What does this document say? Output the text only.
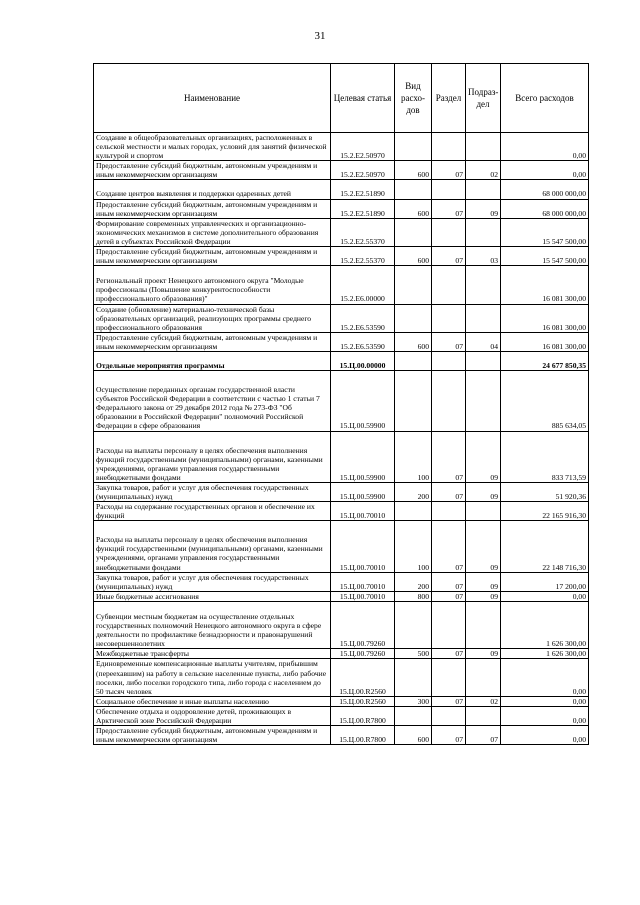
31
Наименование	Целевая статья	Вид расхо-дов	Раздел	Подраз-дел	Всего расходов
Создание в общеобразовательных организациях, расположенных в сельской местности и малых городах, условий для занятий физической культурой и спортом	15.2.Е2.50970				0,00
Предоставление субсидий бюджетным, автономным учреждениям и иным некоммерческим организациям	15.2.Е2.50970	600	07	02	0,00
Создание центров выявления и поддержки одаренных детей	15.2.Е2.51890				68 000 000,00
Предоставление субсидий бюджетным, автономным учреждениям и иным некоммерческим организациям	15.2.Е2.51890	600	07	09	68 000 000,00
Формирование современных управленческих и организационно-экономических механизмов в системе дополнительного образования детей в субъектах Российской Федерации	15.2.Е2.55370				15 547 500,00
Предоставление субсидий бюджетным, автономным учреждениям и иным некоммерческим организациям	15.2.Е2.55370	600	07	03	15 547 500,00
Региональный проект Ненецкого автономного округа "Молодые профессионалы (Повышение конкурентоспособности профессионального образования)"	15.2.Е6.00000				16 081 300,00
Создание (обновление) материально-технической базы образовательных организаций, реализующих программы среднего профессионального образования	15.2.Е6.53590				16 081 300,00
Предоставление субсидий бюджетным, автономным учреждениям и иным некоммерческим организациям	15.2.Е6.53590	600	07	04	16 081 300,00
Отдельные мероприятия программы	15.Ц.00.00000				24 677 850,35
Осуществление переданных органам государственной власти субъектов Российской Федерации в соответствии с частью 1 статьи 7 Федерального закона от 29 декабря 2012 года № 273-ФЗ "Об образовании в Российской Федерации" полномочий Российской Федерации в сфере образования	15.Ц.00.59900				885 634,05
Расходы на выплаты персоналу в целях обеспечения выполнения функций государственными (муниципальными) органами, казенными учреждениями, органами управления государственными внебюджетными фондами	15.Ц.00.59900	100	07	09	833 713,59
Закупка товаров, работ и услуг для обеспечения государственных (муниципальных) нужд	15.Ц.00.59900	200	07	09	51 920,36
Расходы на содержание государственных органов и обеспечение их функций	15.Ц.00.70010				22 165 916,30
Расходы на выплаты персоналу в целях обеспечения выполнения функций государственными (муниципальными) органами, казенными учреждениями, органами управления государственными внебюджетными фондами	15.Ц.00.70010	100	07	09	22 148 716,30
Закупка товаров, работ и услуг для обеспечения государственных (муниципальных) нужд	15.Ц.00.70010	200	07	09	17 200,00
Иные бюджетные ассигнования	15.Ц.00.70010	800	07	09	0,00
Субвенции местным бюджетам на осуществление отдельных государственных полномочий Ненецкого автономного округа в сфере деятельности по профилактике безнадзорности и правонарушений несовершеннолетних	15.Ц.00.79260				1 626 300,00
Межбюджетные трансферты	15.Ц.00.79260	500	07	09	1 626 300,00
Единовременные компенсационные выплаты учителям, прибывшим (переехавшим) на работу в сельские населенные пункты, либо рабочие поселки, либо поселки городского типа, либо города с населением до 50 тысяч человек	15.Ц.00.R2560				0,00
Социальное обеспечение и иные выплаты населению	15.Ц.00.R2560	300	07	02	0,00
Обеспечение отдыха и оздоровление детей, проживающих в Арктической зоне Российской Федерации	15.Ц.00.R7800				0,00
Предоставление субсидий бюджетным, автономным учреждениям и иным некоммерческим организациям	15.Ц.00.R7800	600	07	07	0,00
